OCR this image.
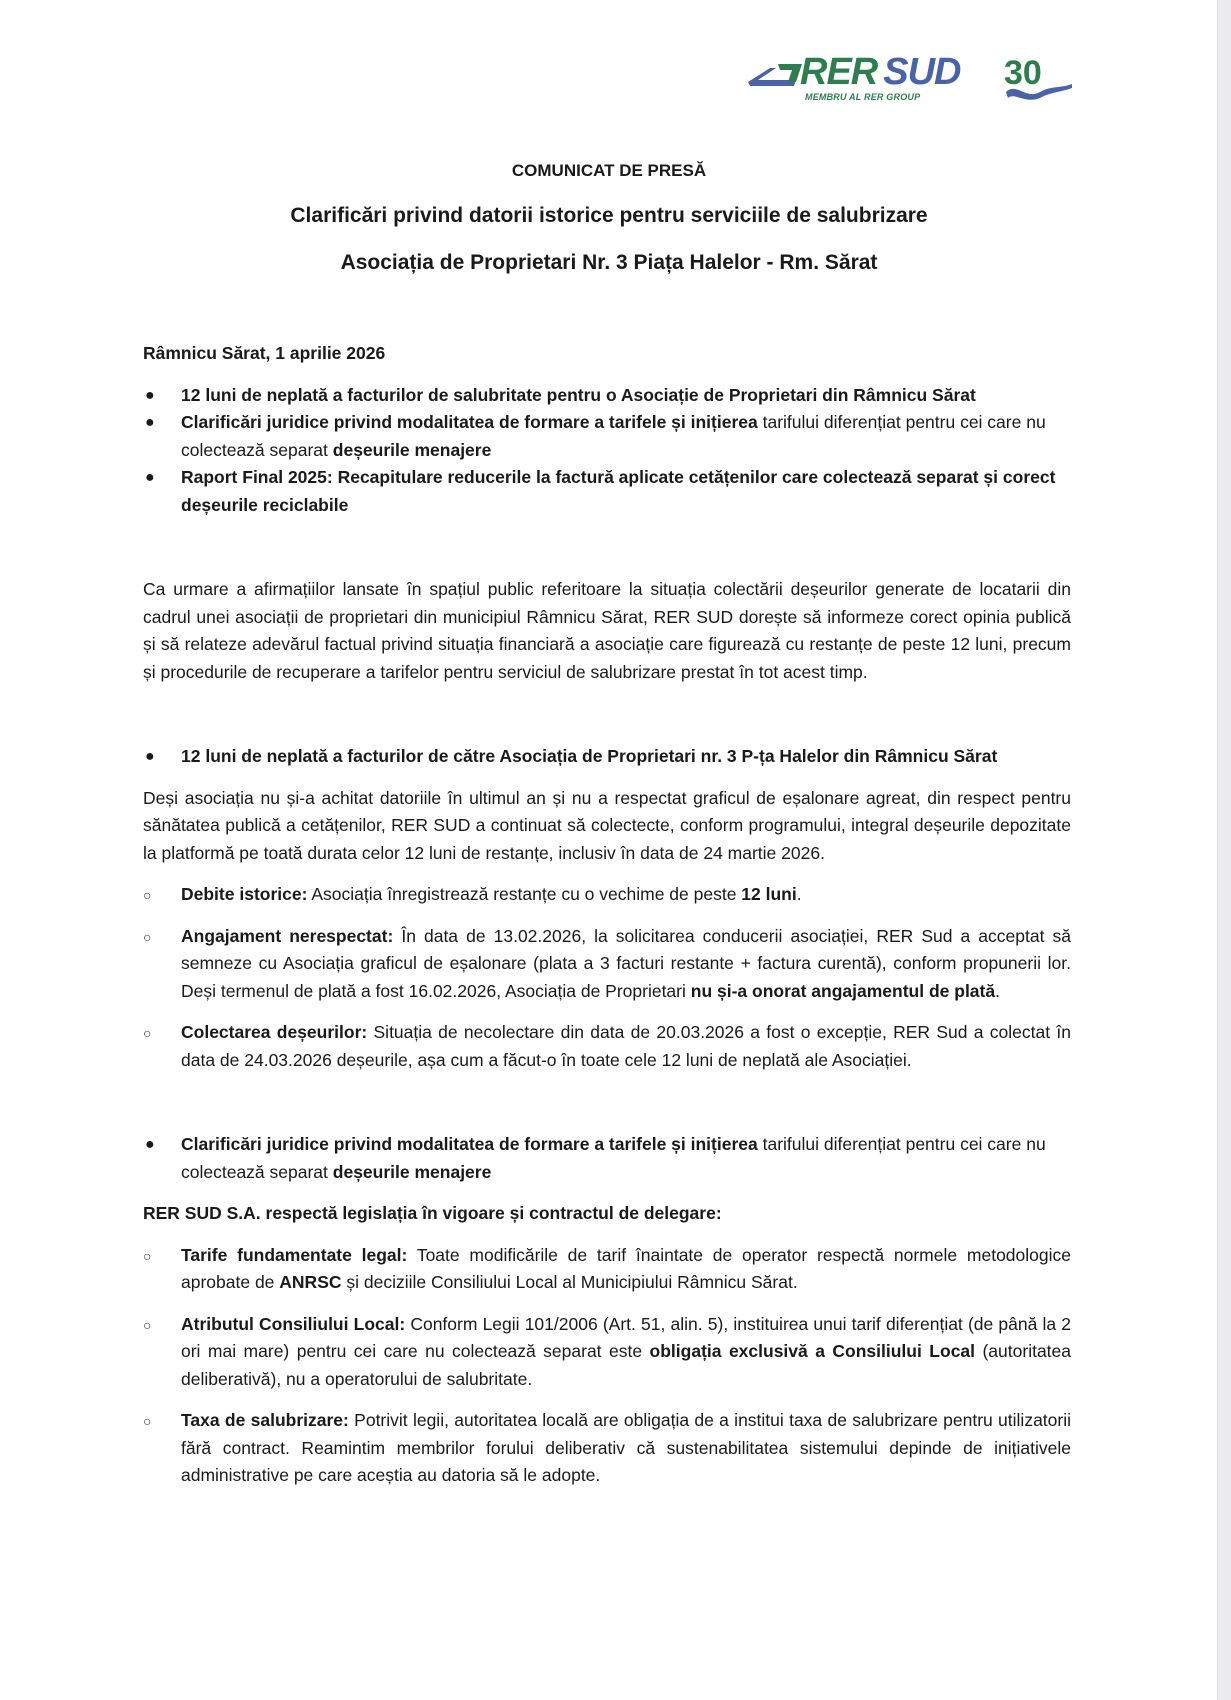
RER SUD
MEMBRU AL RER GROUP
30
COMUNICAT DE PRESĂ
Clarificări privind datorii istorice pentru serviciile de salubrizare
Asociația de Proprietari Nr. 3 Piața Halelor - Rm. Sărat

Râmnicu Sărat, 1 aprilie 2026

● 12 luni de neplată a facturilor de salubritate pentru o Asociație de Proprietari din Râmnicu Sărat
● Clarificări juridice privind modalitatea de formare a tarifele și inițierea tarifului diferențiat pentru cei care nu colectează separat deșeurile menajere
● Raport Final 2025: Recapitulare reducerile la factură aplicate cetățenilor care colectează separat și corect deșeurile reciclabile

Ca urmare a afirmațiilor lansate în spațiul public referitoare la situația colectării deșeurilor generate de locatarii din cadrul unei asociații de proprietari din municipiul Râmnicu Sărat, RER SUD dorește să informeze corect opinia publică și să relateze adevărul factual privind situația financiară a asociație care figurează cu restanțe de peste 12 luni, precum și procedurile de recuperare a tarifelor pentru serviciul de salubrizare prestat în tot acest timp.

● 12 luni de neplată a facturilor de către Asociația de Proprietari nr. 3 P-ța Halelor din Râmnicu Sărat

Deși asociația nu și-a achitat datoriile în ultimul an și nu a respectat graficul de eșalonare agreat, din respect pentru sănătatea publică a cetățenilor, RER SUD a continuat să colectecte, conform programului, integral deșeurile depozitate la platformă pe toată durata celor 12 luni de restanțe, inclusiv în data de 24 martie 2026.

○ Debite istorice: Asociația înregistrează restanțe cu o vechime de peste 12 luni.
○ Angajament nerespectat: În data de 13.02.2026, la solicitarea conducerii asociației, RER Sud a acceptat să semneze cu Asociația graficul de eșalonare (plata a 3 facturi restante + factura curentă), conform propunerii lor. Deși termenul de plată a fost 16.02.2026, Asociația de Proprietari nu și-a onorat angajamentul de plată.
○ Colectarea deșeurilor: Situația de necolectare din data de 20.03.2026 a fost o excepție, RER Sud a colectat în data de 24.03.2026 deșeurile, așa cum a făcut-o în toate cele 12 luni de neplată ale Asociației.
● Clarificări juridice privind modalitatea de formare a tarifele și inițierea tarifului diferențiat pentru cei care nu colectează separat deșeurile menajere

RER SUD S.A. respectă legislația în vigoare și contractul de delegare:

○ Tarife fundamentate legal: Toate modificările de tarif înaintate de operator respectă normele metodologice aprobate de ANRSC și deciziile Consiliului Local al Municipiului Râmnicu Sărat.
○ Atributul Consiliului Local: Conform Legii 101/2006 (Art. 51, alin. 5), instituirea unui tarif diferențiat (de până la 2 ori mai mare) pentru cei care nu colectează separat este obligația exclusivă a Consiliului Local (autoritatea deliberativă), nu a operatorului de salubritate.
○ Taxa de salubrizare: Potrivit legii, autoritatea locală are obligația de a institui taxa de salubrizare pentru utilizatorii fără contract. Reamintim membrilor forului deliberativ că sustenabilitatea sistemului depinde de inițiativele administrative pe care aceștia au datoria să le adopte.
